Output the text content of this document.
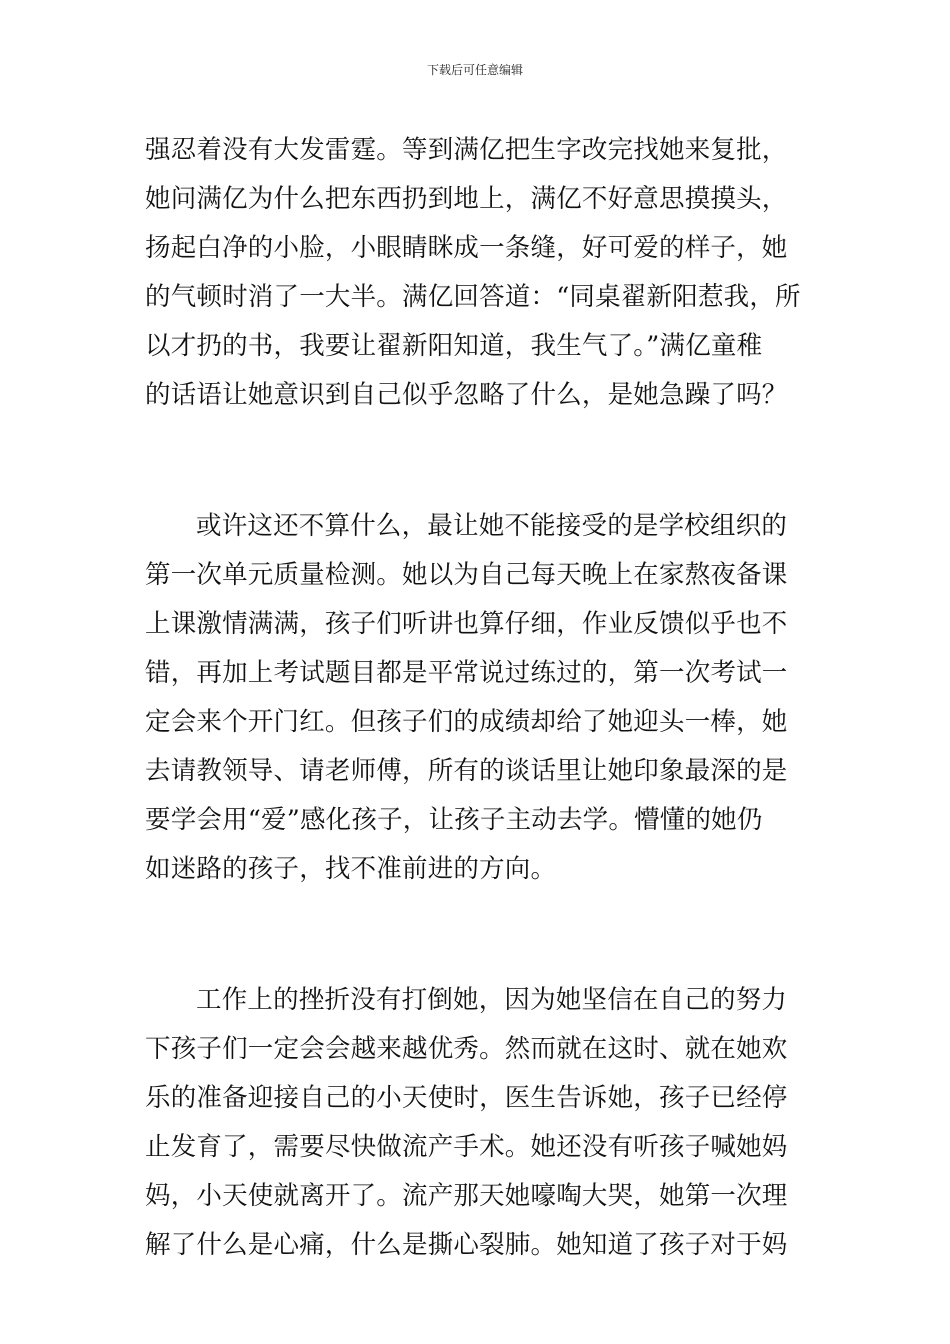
下载后可任意编辑
强忍着没有大发雷霆。等到满亿把生字改完找她来复批，
她问满亿为什么把东西扔到地上，满亿不好意思摸摸头，
扬起白净的小脸，小眼睛眯成一条缝，好可爱的样子，她
的气顿时消了一大半。满亿回答道：“同桌翟新阳惹我，所
以才扔的书，我要让翟新阳知道，我生气了。”满亿童稚
的话语让她意识到自己似乎忽略了什么，是她急躁了吗？
或许这还不算什么，最让她不能接受的是学校组织的
第一次单元质量检测。她以为自己每天晚上在家熬夜备课
上课激情满满，孩子们听讲也算仔细，作业反馈似乎也不
错，再加上考试题目都是平常说过练过的，第一次考试一
定会来个开门红。但孩子们的成绩却给了她迎头一棒，她
去请教领导、请老师傅，所有的谈话里让她印象最深的是
要学会用“爱”感化孩子，让孩子主动去学。懵懂的她仍
如迷路的孩子，找不准前进的方向。
工作上的挫折没有打倒她，因为她坚信在自己的努力
下孩子们一定会会越来越优秀。然而就在这时、就在她欢
乐的准备迎接自己的小天使时，医生告诉她，孩子已经停
止发育了，需要尽快做流产手术。她还没有听孩子喊她妈
妈，小天使就离开了。流产那天她嚎啕大哭，她第一次理
解了什么是心痛，什么是撕心裂肺。她知道了孩子对于妈
